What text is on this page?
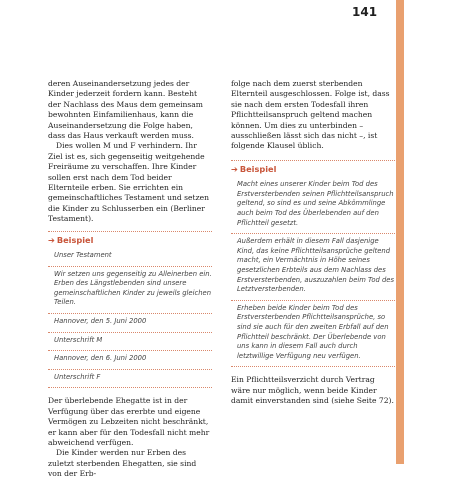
141

deren Auseinandersetzung jedes der Kinder jederzeit fordern kann. Besteht der Nachlass des Maus dem gemeinsam bewohnten Einfamilienhaus, kann die Auseinandersetzung die Folge haben, dass das Haus verkauft werden muss.

Dies wollen M und F verhindern. Ihr Ziel ist es, sich gegenseitig weitgehende Freiräume zu verschaffen. Ihre Kinder sollen erst nach dem Tod beider Elternteile erben. Sie errichten ein gemeinschaftliches Testament und setzen die Kinder zu Schlusserben ein (Berliner Testament).

➔ Beispiel
Unser Testament
Wir setzen uns gegenseitig zu Alleinerben ein. Erben des Längstlebenden sind unsere gemeinschaftlichen Kinder zu jeweils gleichen Teilen.
Hannover, den 5. Juni 2000
Unterschrift M
Hannover, den 6. Juni 2000
Unterschrift F

Der überlebende Ehegatte ist in der Verfügung über das ererbte und eigene Vermögen zu Lebzeiten nicht beschränkt, er kann aber für den Todesfall nicht mehr abweichend verfügen.

Die Kinder werden nur Erben des zuletzt sterbenden Ehegatten, sie sind von der Erb-

folge nach dem zuerst sterbenden Elternteil ausgeschlossen. Folge ist, dass sie nach dem ersten Todesfall ihren Pflichtteilsanspruch geltend machen können. Um dies zu unterbinden – ausschließen lässt sich das nicht –, ist folgende Klausel üblich.

➔ Beispiel
Macht eines unserer Kinder beim Tod des Erstversterbenden seinen Pflichtteilsanspruch geltend, so sind es und seine Abkömmlinge auch beim Tod des Überlebenden auf den Pflichtteil gesetzt.
Außerdem erhält in diesem Fall dasjenige Kind, das keine Pflichtteilsansprüche geltend macht, ein Vermächtnis in Höhe seines gesetzlichen Erbteils aus dem Nachlass des Erstversterbenden, auszuzahlen beim Tod des Letztversterbenden.
Erheben beide Kinder beim Tod des Erstversterbenden Pflichtteilsansprüche, so sind sie auch für den zweiten Erbfall auf den Pflichtteil beschränkt. Der Überlebende von uns kann in diesem Fall auch durch letztwillige Verfügung neu verfügen.

Ein Pflichtteilsverzicht durch Vertrag wäre nur möglich, wenn beide Kinder damit einverstanden sind (siehe Seite 72).
